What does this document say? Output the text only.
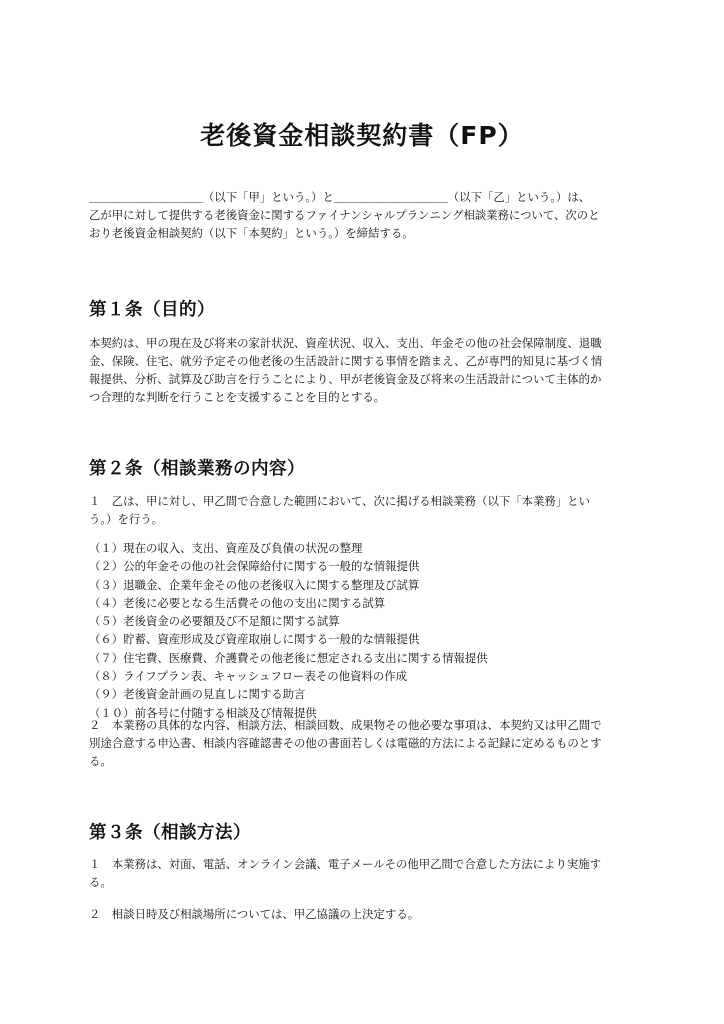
老後資金相談契約書（FP）

＿＿＿＿＿＿＿＿＿＿（以下「甲」という。）と＿＿＿＿＿＿＿＿＿＿（以下「乙」という。）は、
乙が甲に対して提供する老後資金に関するファイナンシャルプランニング相談業務について、次のと
おり老後資金相談契約（以下「本契約」という。）を締結する。

第１条（目的）

本契約は、甲の現在及び将来の家計状況、資産状況、収入、支出、年金その他の社会保障制度、退職
金、保険、住宅、就労予定その他老後の生活設計に関する事情を踏まえ、乙が専門的知見に基づく情
報提供、分析、試算及び助言を行うことにより、甲が老後資金及び将来の生活設計について主体的か
つ合理的な判断を行うことを支援することを目的とする。

第２条（相談業務の内容）

１　乙は、甲に対し、甲乙間で合意した範囲において、次に掲げる相談業務（以下「本業務」とい
う。）を行う。

（１）現在の収入、支出、資産及び負債の状況の整理
（２）公的年金その他の社会保障給付に関する一般的な情報提供
（３）退職金、企業年金その他の老後収入に関する整理及び試算
（４）老後に必要となる生活費その他の支出に関する試算
（５）老後資金の必要額及び不足額に関する試算
（６）貯蓄、資産形成及び資産取崩しに関する一般的な情報提供
（７）住宅費、医療費、介護費その他老後に想定される支出に関する情報提供
（８）ライフプラン表、キャッシュフロー表その他資料の作成
（９）老後資金計画の見直しに関する助言
（１０）前各号に付随する相談及び情報提供

２　本業務の具体的な内容、相談方法、相談回数、成果物その他必要な事項は、本契約又は甲乙間で
別途合意する申込書、相談内容確認書その他の書面若しくは電磁的方法による記録に定めるものとす
る。

第３条（相談方法）

１　本業務は、対面、電話、オンライン会議、電子メールその他甲乙間で合意した方法により実施す
る。

２　相談日時及び相談場所については、甲乙協議の上決定する。
